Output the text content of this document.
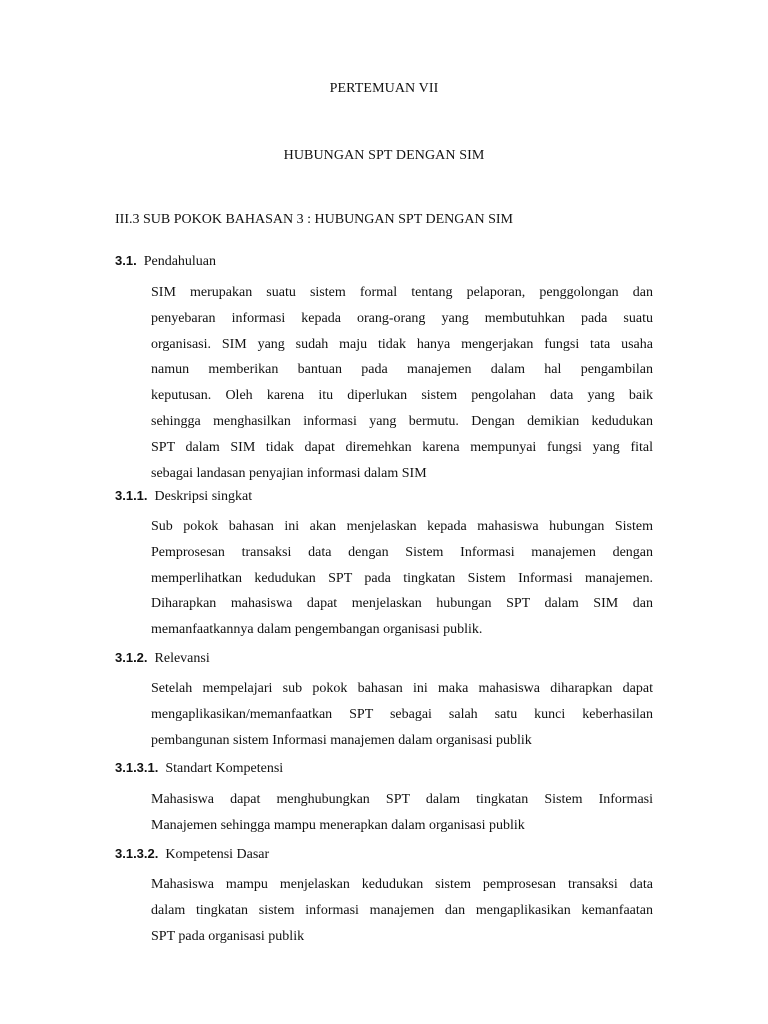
PERTEMUAN VII
HUBUNGAN SPT DENGAN SIM
III.3 SUB POKOK BAHASAN 3 : HUBUNGAN SPT DENGAN SIM
3.1. Pendahuluan
SIM merupakan suatu sistem formal tentang pelaporan, penggolongan dan
penyebaran informasi kepada orang-orang yang membutuhkan pada suatu
organisasi. SIM yang sudah maju tidak hanya mengerjakan fungsi tata usaha
namun memberikan bantuan pada manajemen dalam hal pengambilan
keputusan. Oleh karena itu diperlukan sistem pengolahan data yang baik
sehingga menghasilkan informasi yang bermutu. Dengan demikian kedudukan
SPT dalam SIM tidak dapat diremehkan karena mempunyai fungsi yang fital
sebagai landasan penyajian informasi dalam SIM
3.1.1. Deskripsi singkat
Sub pokok bahasan ini akan menjelaskan kepada mahasiswa hubungan Sistem
Pemprosesan transaksi data dengan Sistem Informasi manajemen dengan
memperlihatkan kedudukan SPT pada tingkatan Sistem Informasi manajemen.
Diharapkan mahasiswa dapat menjelaskan hubungan SPT dalam SIM dan
memanfaatkannya dalam pengembangan organisasi publik.
3.1.2. Relevansi
Setelah mempelajari sub pokok bahasan ini maka mahasiswa diharapkan dapat
mengaplikasikan/memanfaatkan SPT sebagai salah satu kunci keberhasilan
pembangunan sistem Informasi manajemen dalam organisasi publik
3.1.3.1. Standart Kompetensi
Mahasiswa dapat menghubungkan SPT dalam tingkatan Sistem Informasi
Manajemen sehingga mampu menerapkan dalam organisasi publik
3.1.3.2. Kompetensi Dasar
Mahasiswa mampu menjelaskan kedudukan sistem pemprosesan transaksi data
dalam tingkatan sistem informasi manajemen dan mengaplikasikan kemanfaatan
SPT pada organisasi publik
